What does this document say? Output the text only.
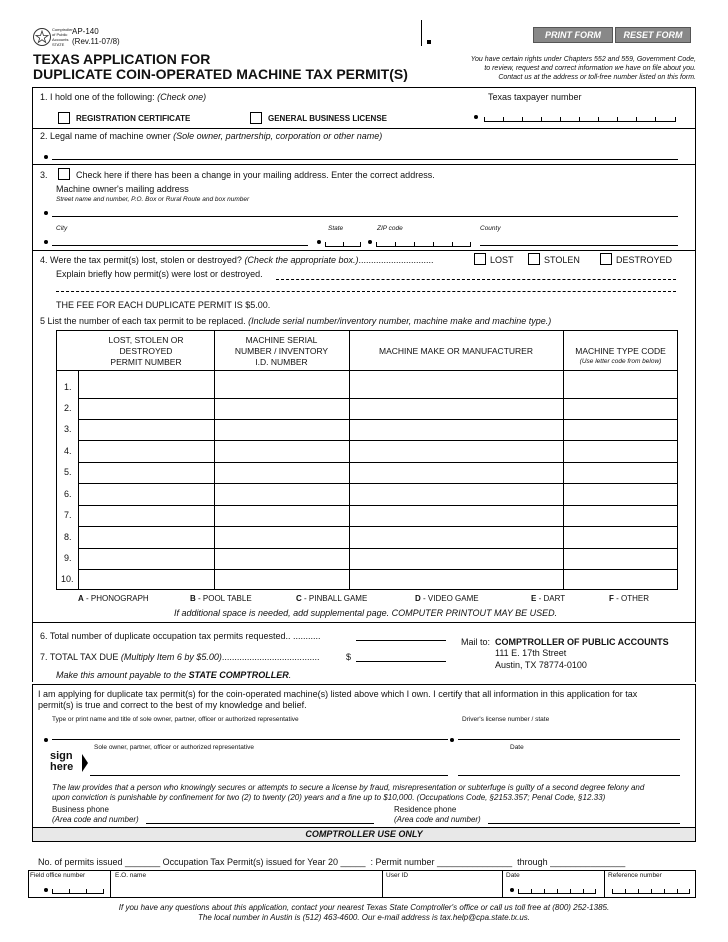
Comptroller of Public Accounts STATE
AP-140
(Rev.11-07/8)
PRINT FORM	RESET FORM
TEXAS APPLICATION FOR
DUPLICATE COIN-OPERATED MACHINE TAX PERMIT(S)
You have certain rights under Chapters 552 and 559, Government Code,
to review, request and correct information we have on file about you.
Contact us at the address or toll-free number listed on this form.
1. I hold one of the following: (Check one)	Texas taxpayer number
REGISTRATION CERTIFICATE	GENERAL BUSINESS LICENSE
2. Legal name of machine owner (Sole owner, partnership, corporation or other name)
3.	Check here if there has been a change in your mailing address. Enter the correct address.
Machine owner's mailing address
Street name and number, P.O. Box or Rural Route and box number
City	State	ZIP code	County
4. Were the tax permit(s) lost, stolen or destroyed? (Check the appropriate box.)..............................	LOST	STOLEN	DESTROYED
Explain briefly how permit(s) were lost or destroyed.
THE FEE FOR EACH DUPLICATE PERMIT IS $5.00.
5 List the number of each tax permit to be replaced. (Include serial number/inventory number, machine make and machine type.)
LOST, STOLEN OR
DESTROYED
PERMIT NUMBER
MACHINE SERIAL
NUMBER / INVENTORY
I.D. NUMBER
MACHINE MAKE OR MANUFACTURER	MACHINE TYPE CODE
(Use letter code from below)
1.
2.
3.
4.
5.
6.
7.
8.
9.
10.
A - PHONOGRAPH	B - POOL TABLE	C - PINBALL GAME	D - VIDEO GAME	E - DART	F - OTHER
If additional space is needed, add supplemental page. COMPUTER PRINTOUT MAY BE USED.
6. Total number of duplicate occupation tax permits requested.. ...........
7. TOTAL TAX DUE (Multiply Item 6 by $5.00).......................................	$
Make this amount payable to the STATE COMPTROLLER.
Mail to: COMPTROLLER OF PUBLIC ACCOUNTS
111 E. 17th Street
Austin, TX 78774-0100
I am applying for duplicate tax permit(s) for the coin-operated machine(s) listed above which I own. I certify that all information in this application for tax
permit(s) is true and correct to the best of my knowledge and belief.
Type or print name and title of sole owner, partner, officer or authorized representative	Driver's license number / state
Sole owner, partner, officer or authorized representative	Date
sign
here
The law provides that a person who knowingly secures or attempts to secure a license by fraud, misrepresentation or subterfuge is guilty of a second degree felony and
upon conviction is punishable by confinement for two (2) to twenty (20) years and a fine up to $10,000. (Occupations Code, §2153.357; Penal Code, §12.33)
Business phone
(Area code and number)
Residence phone
(Area code and number)
COMPTROLLER USE ONLY
No. of permits issued _______ Occupation Tax Permit(s) issued for Year 20 _____  : Permit number _______________  through _______________
Field office number	E.O. name	User ID	Date	Reference number
If you have any questions about this application, contact your nearest Texas State Comptroller's office or call us toll free at (800) 252-1385.
The local number in Austin is (512) 463-4600. Our e-mail address is tax.help@cpa.state.tx.us.
